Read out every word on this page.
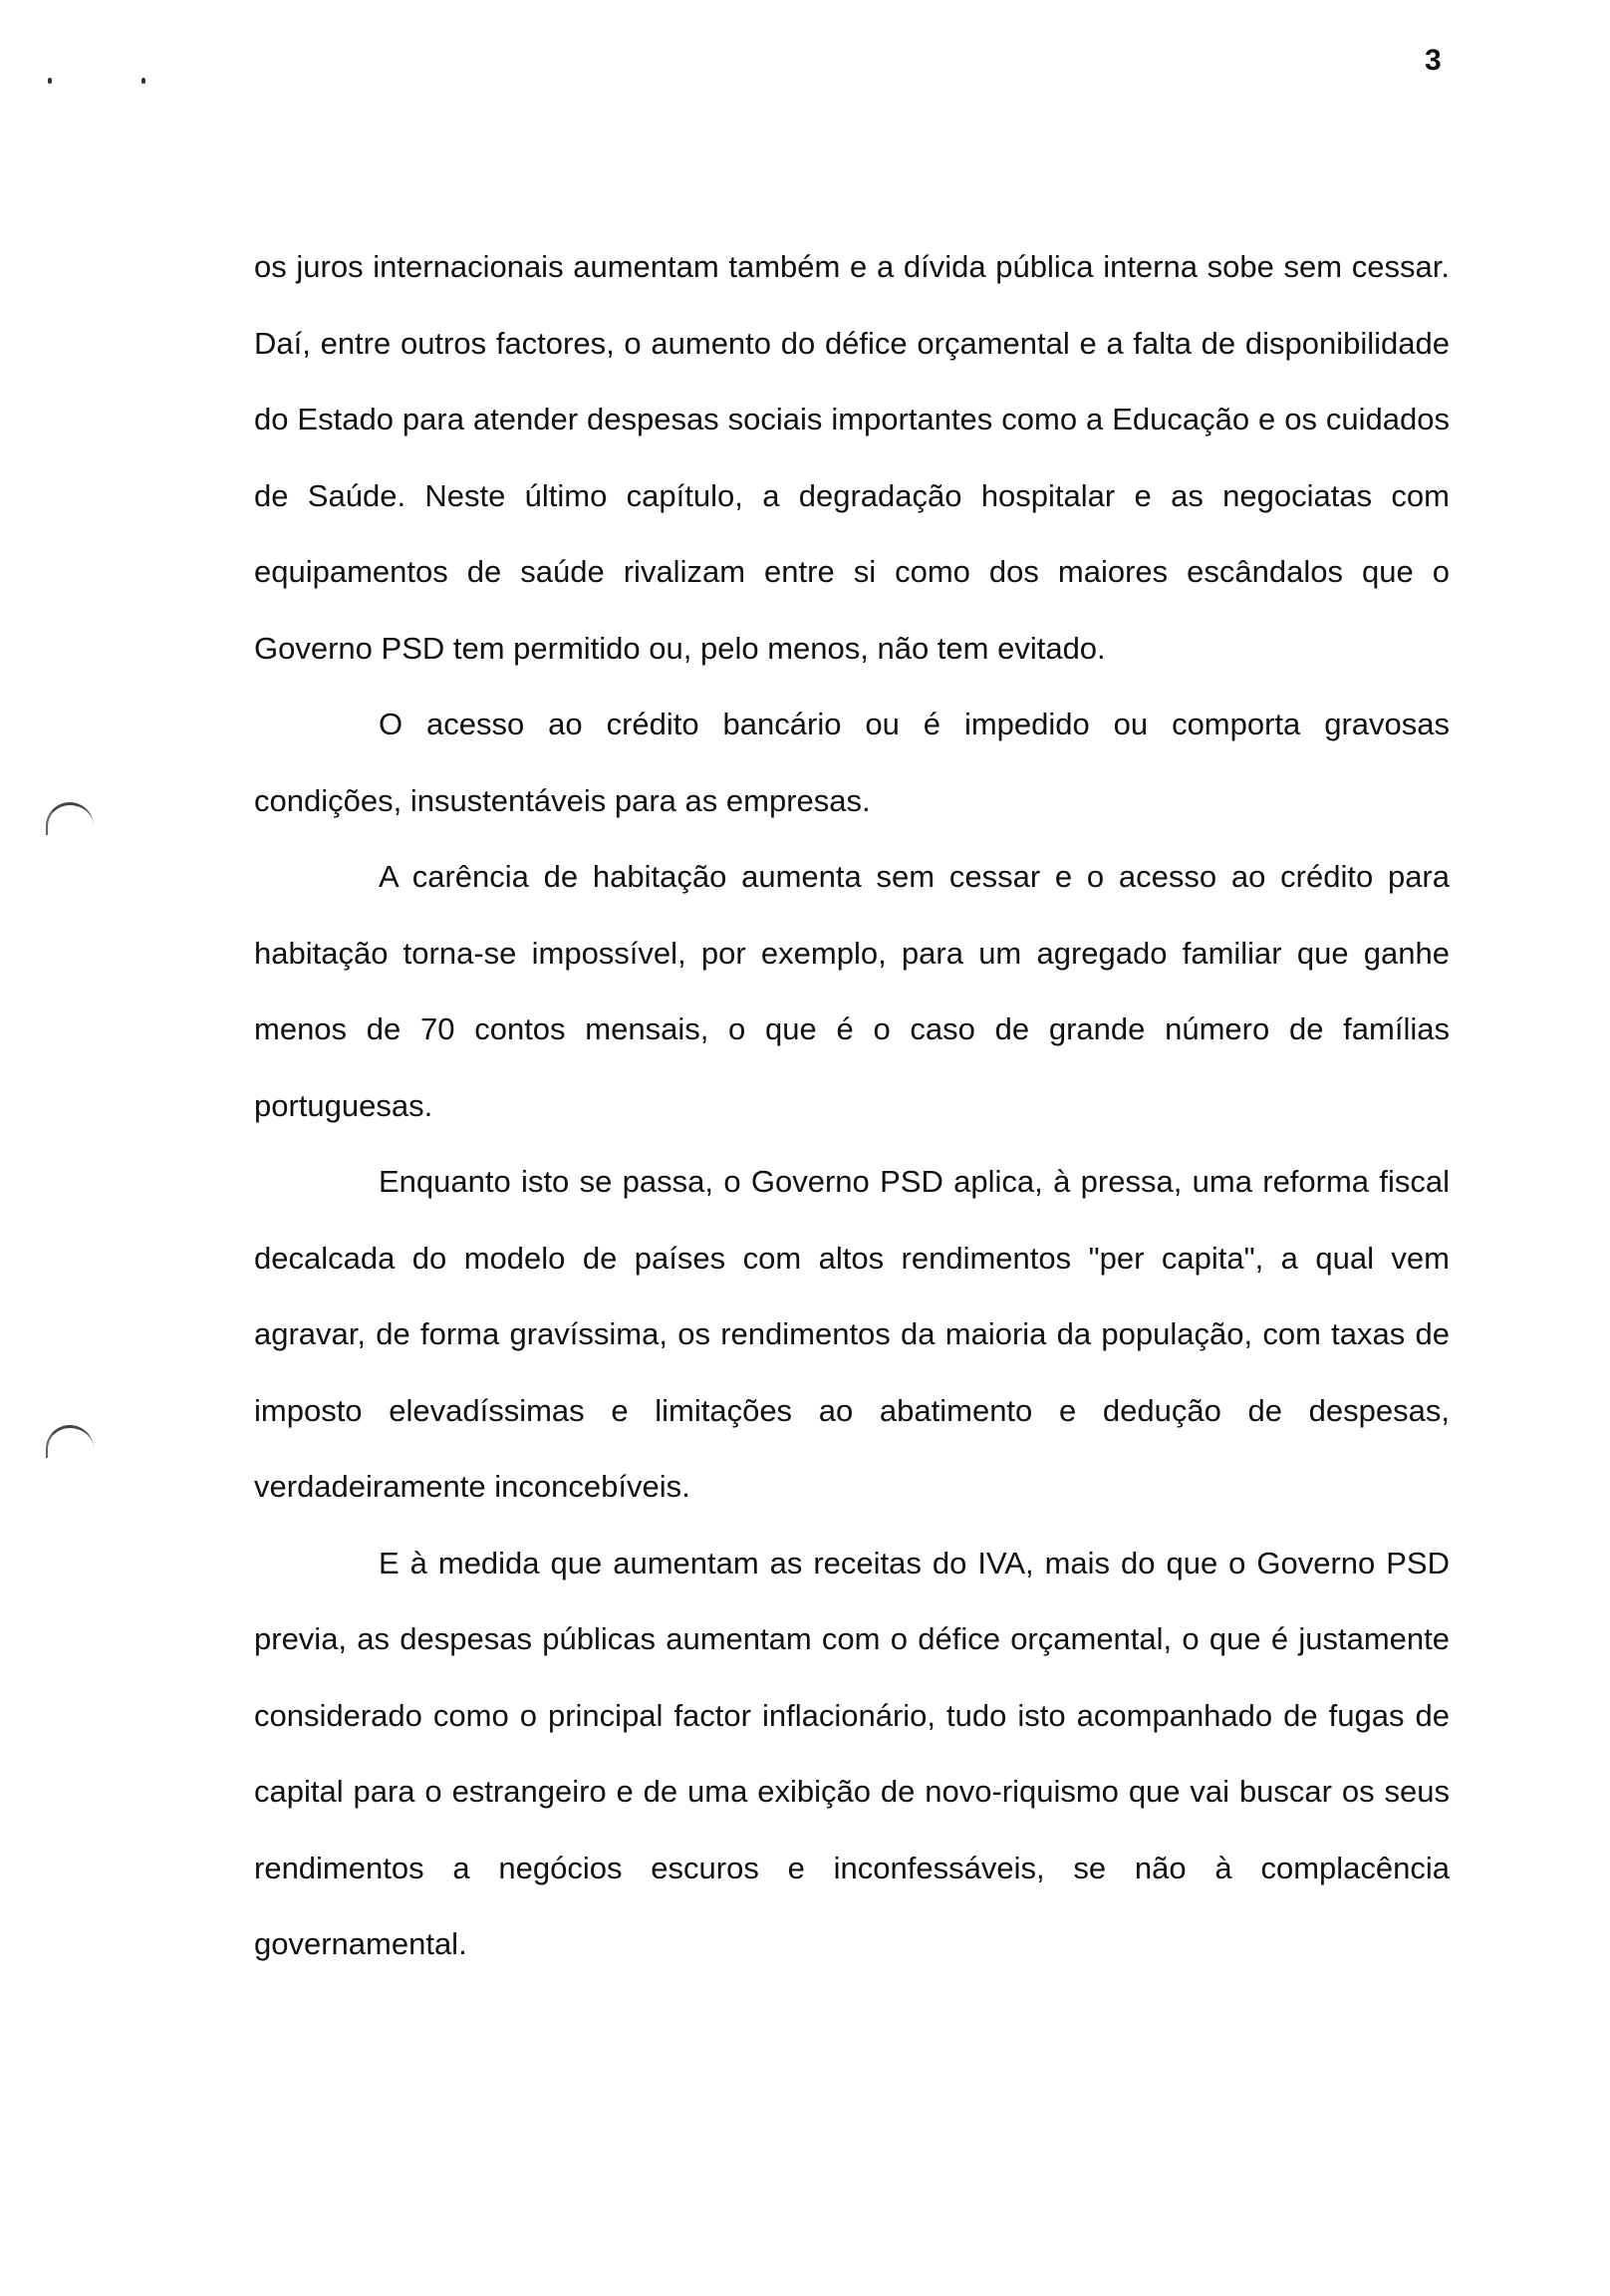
3

os juros internacionais aumentam também e a dívida pública interna sobe sem cessar. Daí, entre outros factores, o aumento do défice orçamental e a falta de disponibilidade do Estado para atender despesas sociais importantes como a Educação e os cuidados de Saúde. Neste último capítulo, a degradação hospitalar e as negociatas com equipamentos de saúde rivalizam entre si como dos maiores escândalos que o Governo PSD tem permitido ou, pelo menos, não tem evitado.

O acesso ao crédito bancário ou é impedido ou comporta gravosas condições, insustentáveis para as empresas.

A carência de habitação aumenta sem cessar e o acesso ao crédito para habitação torna-se impossível, por exemplo, para um agregado familiar que ganhe menos de 70 contos mensais, o que é o caso de grande número de famílias portuguesas.

Enquanto isto se passa, o Governo PSD aplica, à pressa, uma reforma fiscal decalcada do modelo de países com altos rendimentos "per capita", a qual vem agravar, de forma gravíssima, os rendimentos da maioria da população, com taxas de imposto elevadíssimas e limitações ao abatimento e dedução de despesas, verdadeiramente inconcebíveis.

E à medida que aumentam as receitas do IVA, mais do que o Governo PSD previa, as despesas públicas aumentam com o défice orçamental, o que é justamente considerado como o principal factor inflacionário, tudo isto acompanhado de fugas de capital para o estrangeiro e de uma exibição de novo-riquismo que vai buscar os seus rendimentos a negócios escuros e inconfessáveis, se não à complacência governamental.
